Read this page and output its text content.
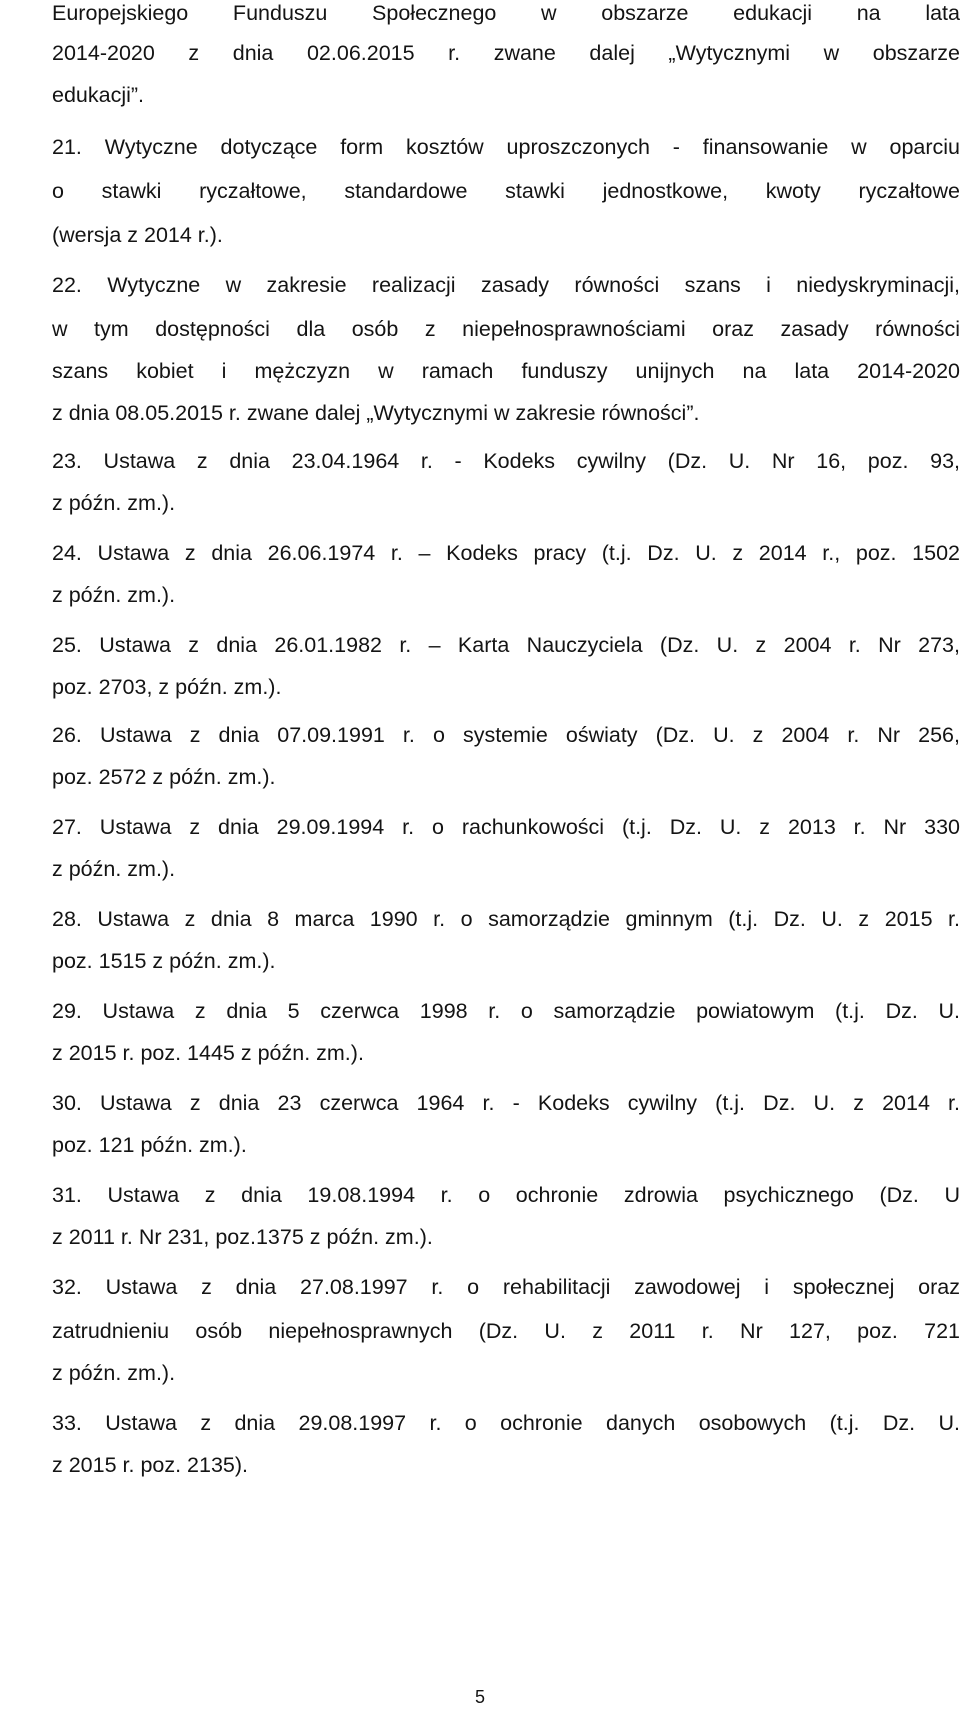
Europejskiego Funduszu Społecznego w obszarze edukacji na lata
2014-2020 z dnia 02.06.2015 r. zwane dalej „Wytycznymi w obszarze
edukacji”.
21. Wytyczne dotyczące form kosztów uproszczonych - finansowanie w oparciu
o stawki ryczałtowe, standardowe stawki jednostkowe, kwoty ryczałtowe
(wersja z 2014 r.).
22. Wytyczne w zakresie realizacji zasady równości szans i niedyskryminacji,
w tym dostępności dla osób z niepełnosprawnościami oraz zasady równości
szans kobiet i mężczyzn w ramach funduszy unijnych na lata 2014-2020
z dnia 08.05.2015 r. zwane dalej „Wytycznymi w zakresie równości”.
23. Ustawa z dnia 23.04.1964 r. - Kodeks cywilny (Dz. U. Nr 16, poz. 93,
z późn. zm.).
24. Ustawa z dnia 26.06.1974 r. – Kodeks pracy (t.j. Dz. U. z 2014 r., poz. 1502
z późn. zm.).
25. Ustawa z dnia 26.01.1982 r. – Karta Nauczyciela (Dz. U. z 2004 r. Nr 273,
poz. 2703, z późn. zm.).
26. Ustawa z dnia 07.09.1991 r. o systemie oświaty (Dz. U. z 2004 r. Nr 256,
poz. 2572 z późn. zm.).
27. Ustawa z dnia 29.09.1994 r. o rachunkowości (t.j. Dz. U. z 2013 r. Nr 330
z późn. zm.).
28. Ustawa z dnia 8 marca 1990 r. o samorządzie gminnym (t.j. Dz. U. z 2015 r.
poz. 1515 z późn. zm.).
29. Ustawa z dnia 5 czerwca 1998 r. o samorządzie powiatowym (t.j. Dz. U.
z 2015 r. poz. 1445 z późn. zm.).
30. Ustawa z dnia 23 czerwca 1964 r. - Kodeks cywilny (t.j. Dz. U. z 2014 r.
poz. 121 późn. zm.).
31. Ustawa z dnia 19.08.1994 r. o ochronie zdrowia psychicznego (Dz. U
z 2011 r. Nr 231, poz.1375 z późn. zm.).
32. Ustawa z dnia 27.08.1997 r. o rehabilitacji zawodowej i społecznej oraz
zatrudnieniu osób niepełnosprawnych (Dz. U. z 2011 r. Nr 127, poz. 721
z późn. zm.).
33. Ustawa z dnia 29.08.1997 r. o ochronie danych osobowych (t.j. Dz. U.
z 2015 r. poz. 2135).
5
